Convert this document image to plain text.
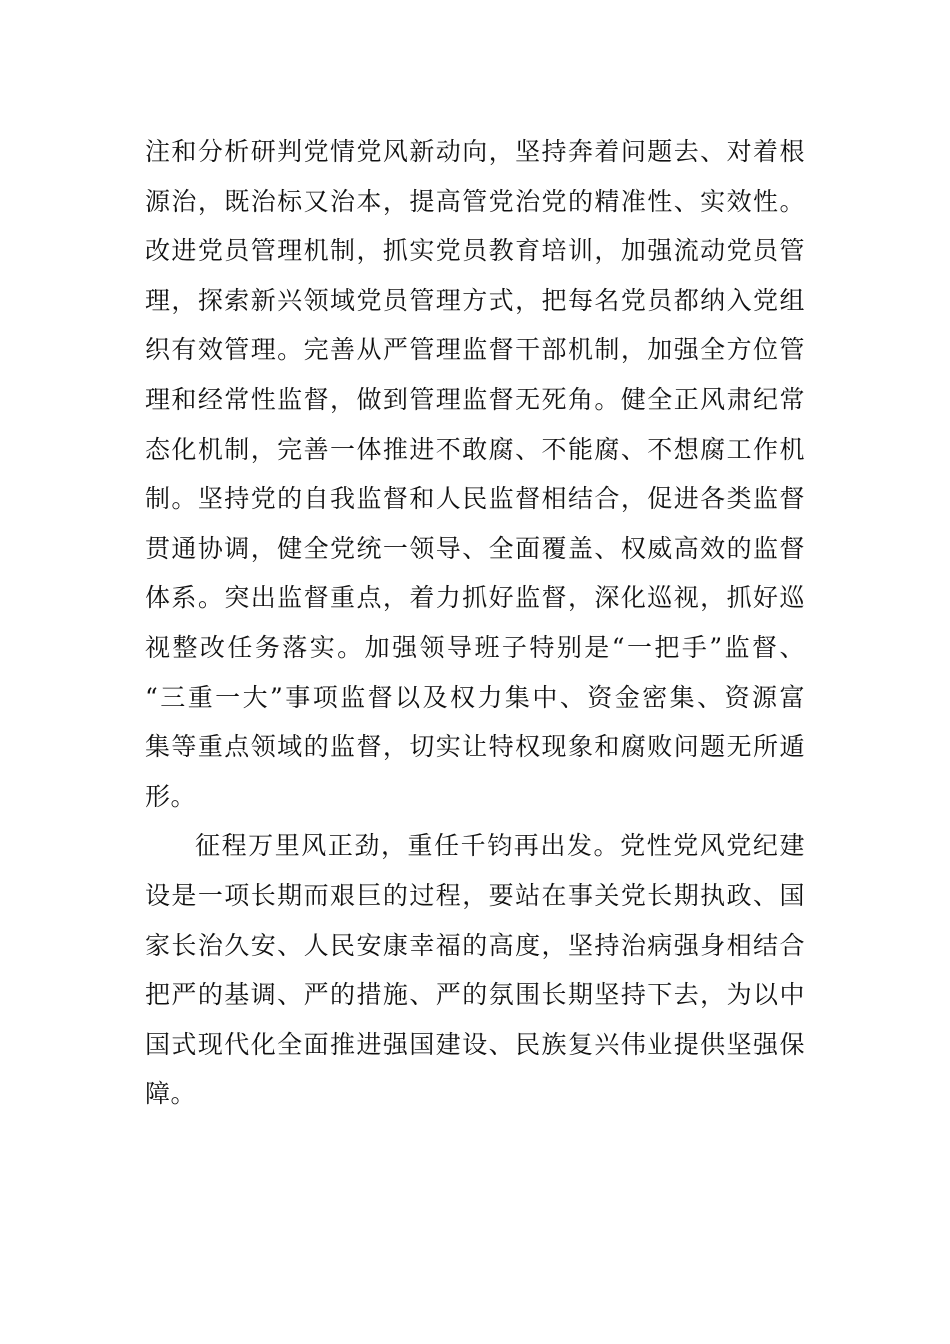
注和分析研判党情党风新动向，坚持奔着问题去、对着根
源治，既治标又治本，提高管党治党的精准性、实效性。
改进党员管理机制，抓实党员教育培训，加强流动党员管
理，探索新兴领域党员管理方式，把每名党员都纳入党组
织有效管理。完善从严管理监督干部机制，加强全方位管
理和经常性监督，做到管理监督无死角。健全正风肃纪常
态化机制，完善一体推进不敢腐、不能腐、不想腐工作机
制。坚持党的自我监督和人民监督相结合，促进各类监督
贯通协调，健全党统一领导、全面覆盖、权威高效的监督
体系。突出监督重点，着力抓好监督，深化巡视，抓好巡
视整改任务落实。加强领导班子特别是“一把手”监督、
“三重一大”事项监督以及权力集中、资金密集、资源富
集等重点领域的监督，切实让特权现象和腐败问题无所遁
形。

征程万里风正劲，重任千钧再出发。党性党风党纪建
设是一项长期而艰巨的过程，要站在事关党长期执政、国
家长治久安、人民安康幸福的高度，坚持治病强身相结合
把严的基调、严的措施、严的氛围长期坚持下去，为以中
国式现代化全面推进强国建设、民族复兴伟业提供坚强保
障。
